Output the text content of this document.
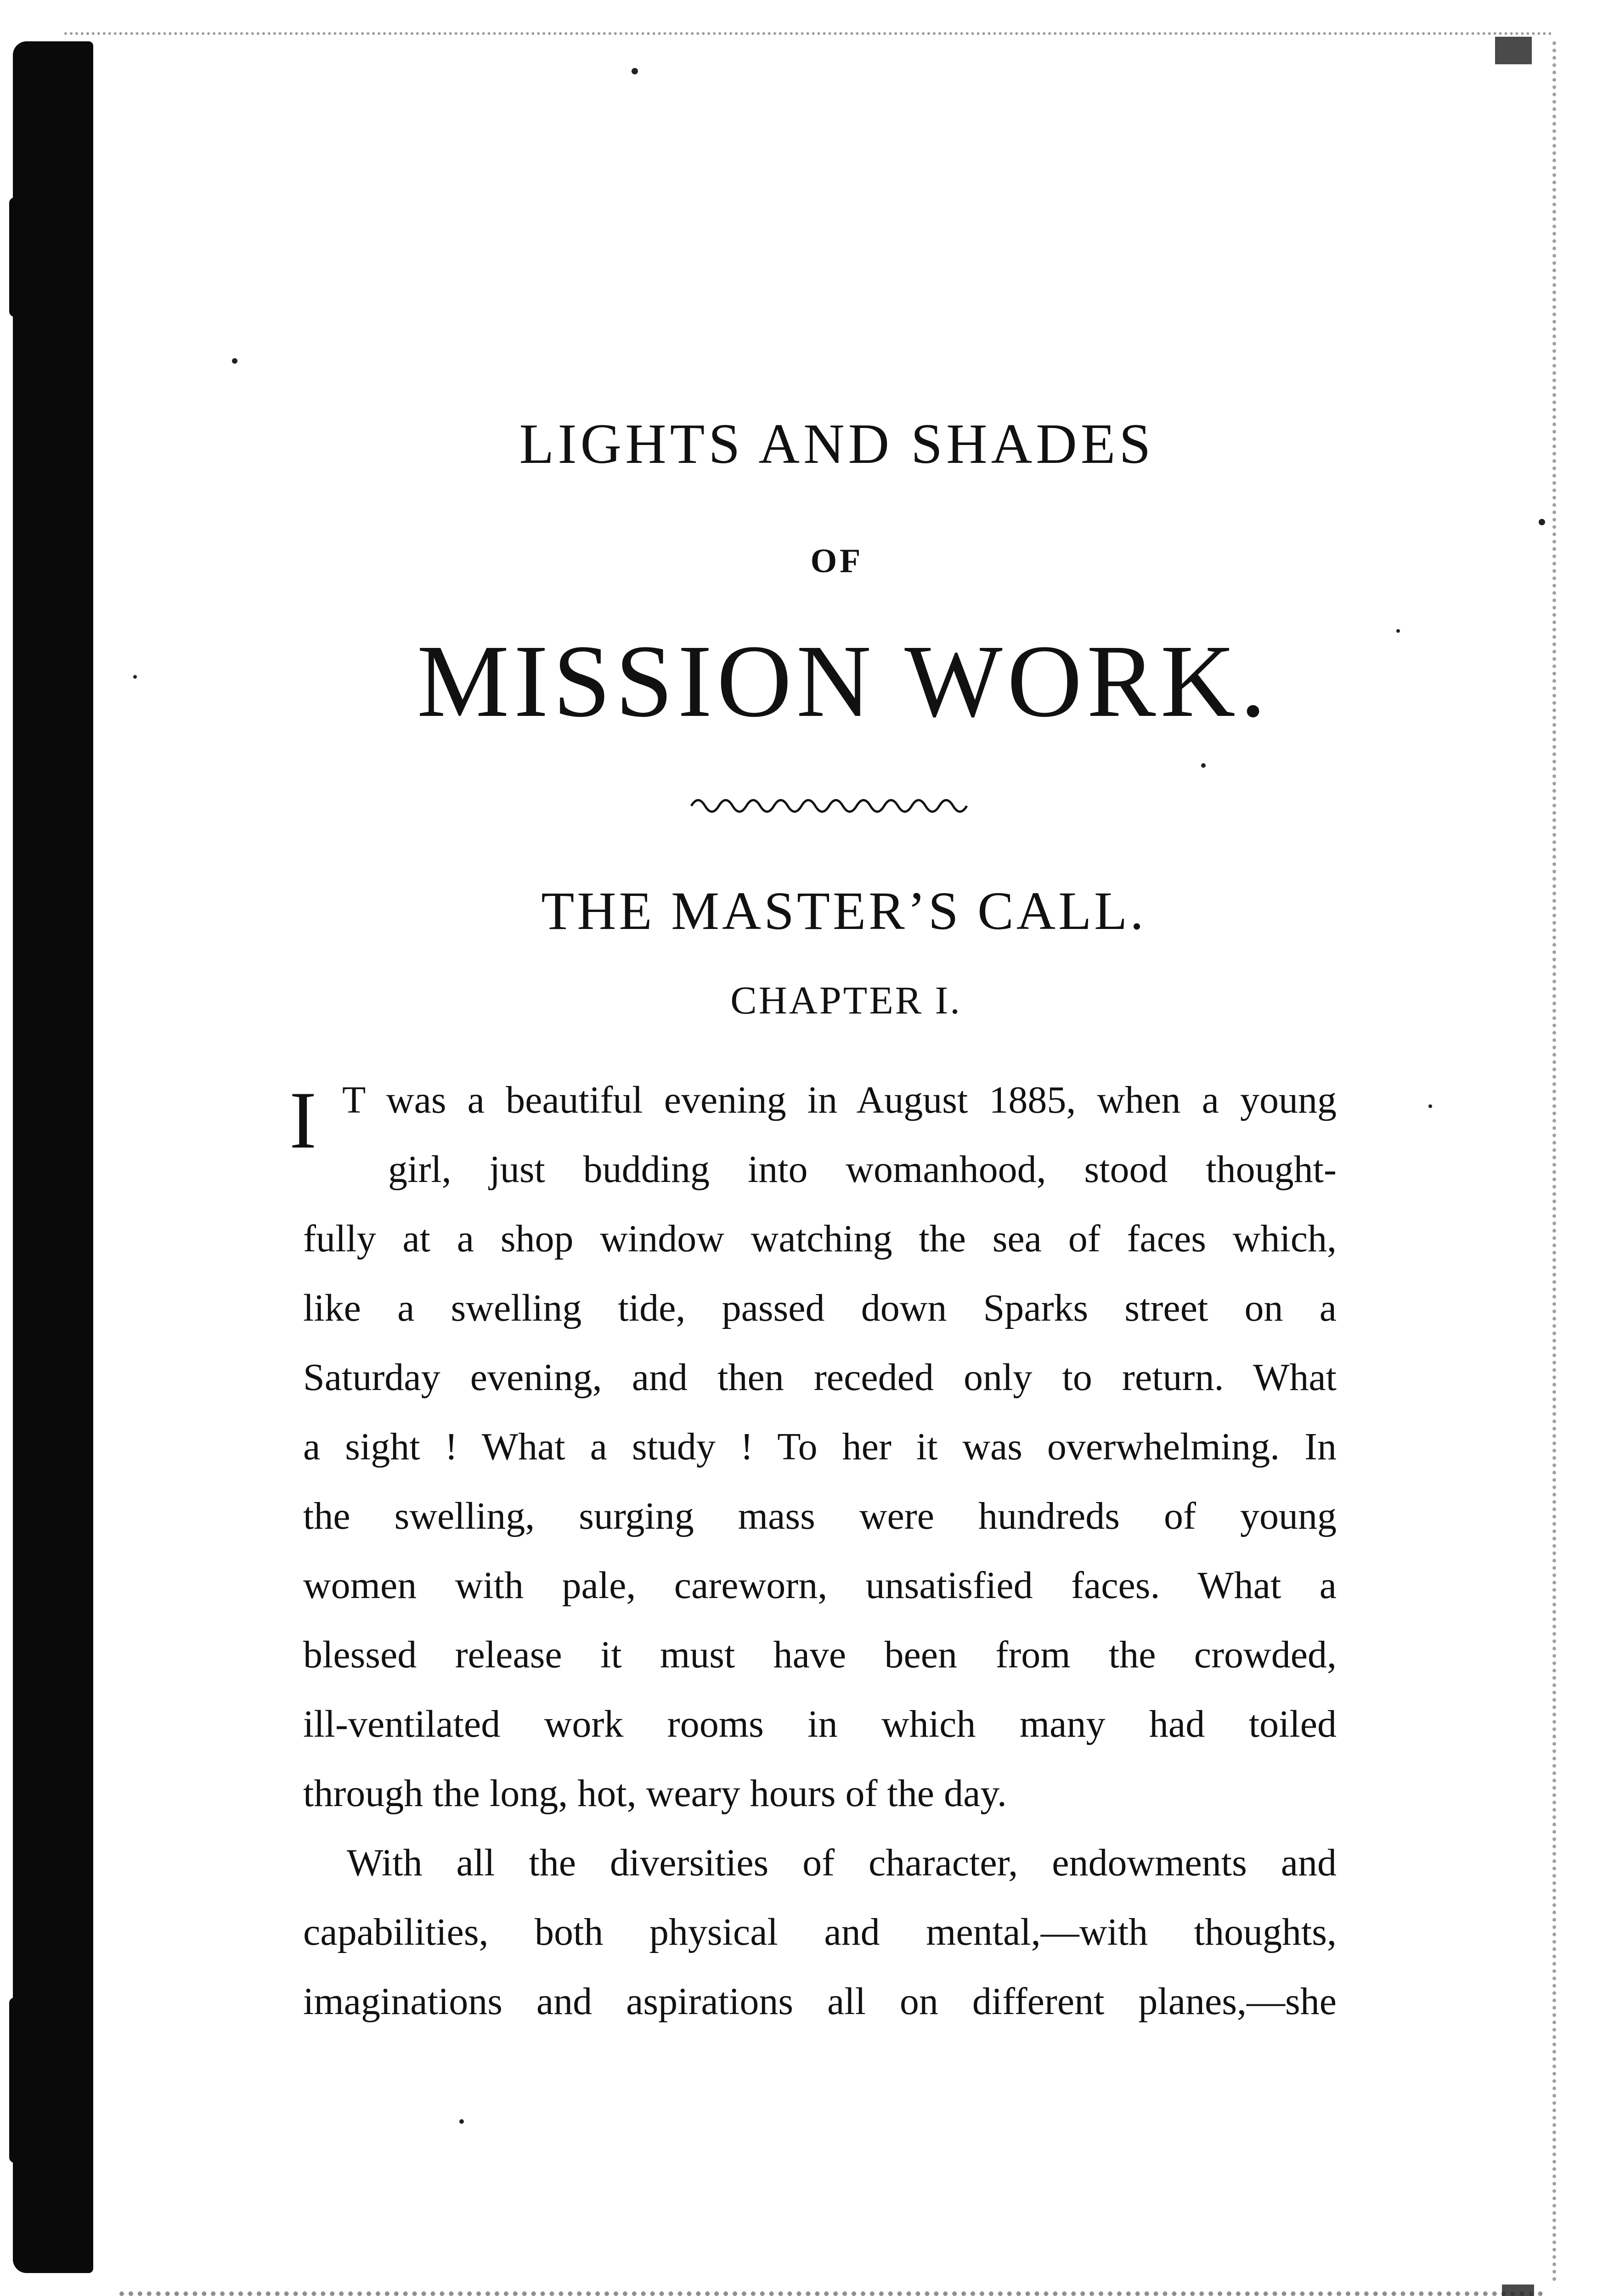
LIGHTS AND SHADES
OF
MISSION WORK.
THE MASTER’S CALL.
CHAPTER I.
I T was a beautiful evening in August 1885, when a young
girl, just budding into womanhood, stood thought-
fully at a shop window watching the sea of faces which,
like a swelling tide, passed down Sparks street on a
Saturday evening, and then receded only to return. What
a sight ! What a study ! To her it was overwhelming. In
the swelling, surging mass were hundreds of young
women with pale, careworn, unsatisfied faces. What a
blessed release it must have been from the crowded,
ill-ventilated work rooms in which many had toiled
through the long, hot, weary hours of the day.
With all the diversities of character, endowments and
capabilities, both physical and mental,—with thoughts,
imaginations and aspirations all on different planes,—she
